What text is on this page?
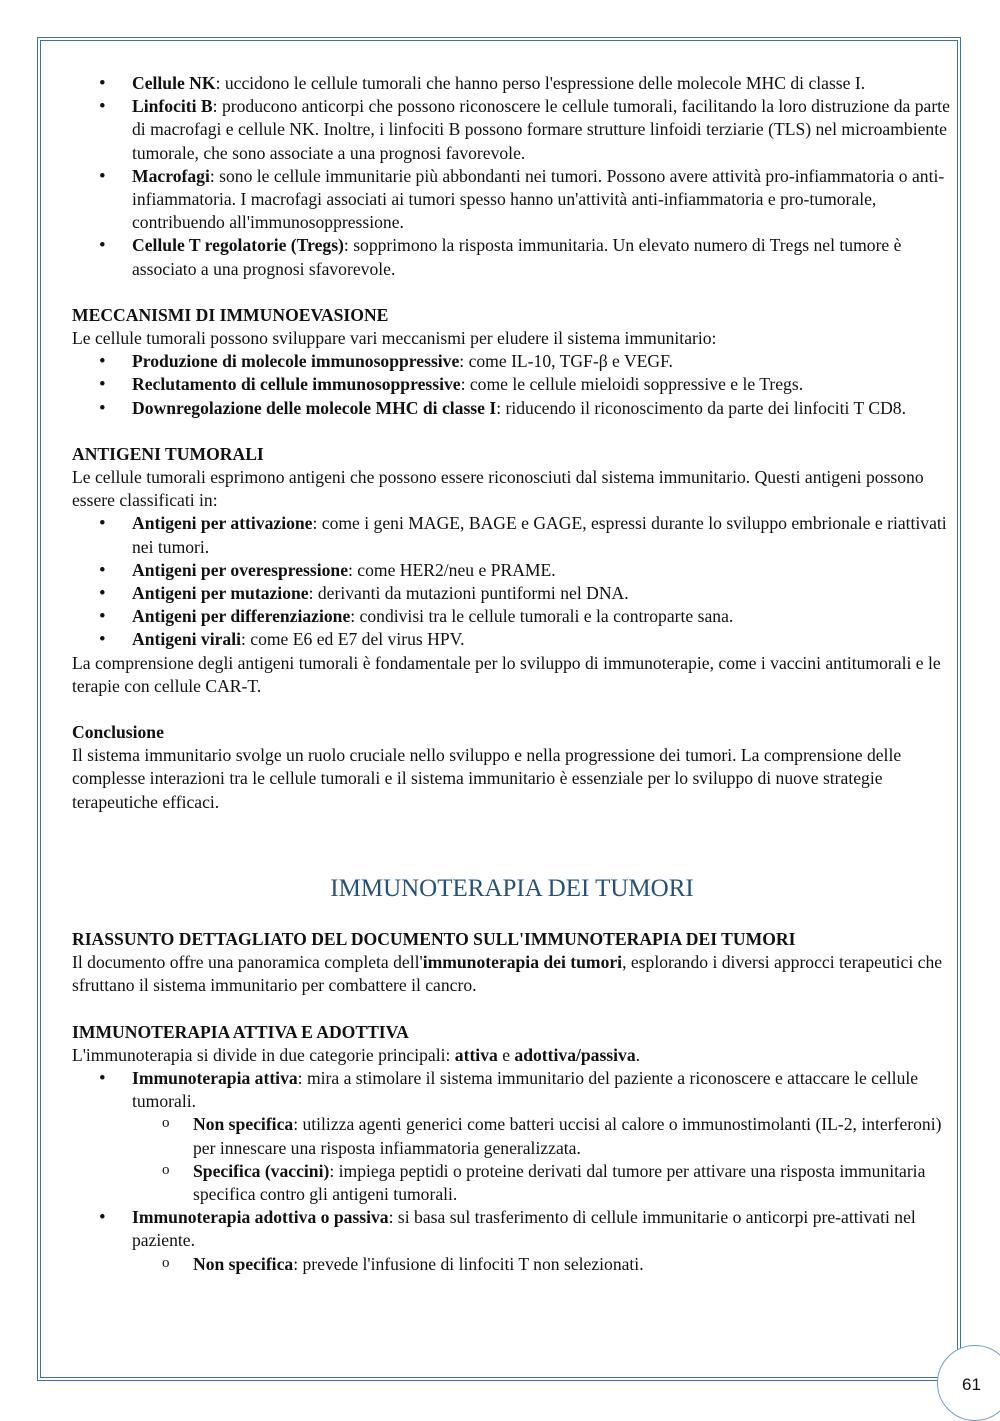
• Cellule NK: uccidono le cellule tumorali che hanno perso l'espressione delle molecole MHC di classe I.
• Linfociti B: producono anticorpi che possono riconoscere le cellule tumorali, facilitando la loro distruzione da parte di macrofagi e cellule NK. Inoltre, i linfociti B possono formare strutture linfoidi terziarie (TLS) nel microambiente tumorale, che sono associate a una prognosi favorevole.
• Macrofagi: sono le cellule immunitarie più abbondanti nei tumori. Possono avere attività pro-infiammatoria o anti-infiammatoria. I macrofagi associati ai tumori spesso hanno un'attività anti-infiammatoria e pro-tumorale, contribuendo all'immunosoppressione.
• Cellule T regolatorie (Tregs): sopprimono la risposta immunitaria. Un elevato numero di Tregs nel tumore è associato a una prognosi sfavorevole.

MECCANISMI DI IMMUNOEVASIONE

Le cellule tumorali possono sviluppare vari meccanismi per eludere il sistema immunitario:

• Produzione di molecole immunosoppressive: come IL-10, TGF-β e VEGF.
• Reclutamento di cellule immunosoppressive: come le cellule mieloidi soppressive e le Tregs.
• Downregolazione delle molecole MHC di classe I: riducendo il riconoscimento da parte dei linfociti T CD8.

ANTIGENI TUMORALI

Le cellule tumorali esprimono antigeni che possono essere riconosciuti dal sistema immunitario. Questi antigeni possono essere classificati in:

• Antigeni per attivazione: come i geni MAGE, BAGE e GAGE, espressi durante lo sviluppo embrionale e riattivati nei tumori.
• Antigeni per overespressione: come HER2/neu e PRAME.
• Antigeni per mutazione: derivanti da mutazioni puntiformi nel DNA.
• Antigeni per differenziazione: condivisi tra le cellule tumorali e la controparte sana.
• Antigeni virali: come E6 ed E7 del virus HPV.

La comprensione degli antigeni tumorali è fondamentale per lo sviluppo di immunoterapie, come i vaccini antitumorali e le terapie con cellule CAR-T.

Conclusione

Il sistema immunitario svolge un ruolo cruciale nello sviluppo e nella progressione dei tumori. La comprensione delle complesse interazioni tra le cellule tumorali e il sistema immunitario è essenziale per lo sviluppo di nuove strategie terapeutiche efficaci.

IMMUNOTERAPIA DEI TUMORI

RIASSUNTO DETTAGLIATO DEL DOCUMENTO SULL'IMMUNOTERAPIA DEI TUMORI

Il documento offre una panoramica completa dell'immunoterapia dei tumori, esplorando i diversi approcci terapeutici che sfruttano il sistema immunitario per combattere il cancro.

IMMUNOTERAPIA ATTIVA E ADOTTIVA

L'immunoterapia si divide in due categorie principali: attiva e adottiva/passiva.

• Immunoterapia attiva: mira a stimolare il sistema immunitario del paziente a riconoscere e attaccare le cellule tumorali.
o Non specifica: utilizza agenti generici come batteri uccisi al calore o immunostimolanti (IL-2, interferoni) per innescare una risposta infiammatoria generalizzata.
o Specifica (vaccini): impiega peptidi o proteine derivati dal tumore per attivare una risposta immunitaria specifica contro gli antigeni tumorali.
• Immunoterapia adottiva o passiva: si basa sul trasferimento di cellule immunitarie o anticorpi pre-attivati nel paziente.
o Non specifica: prevede l'infusione di linfociti T non selezionati.
61
